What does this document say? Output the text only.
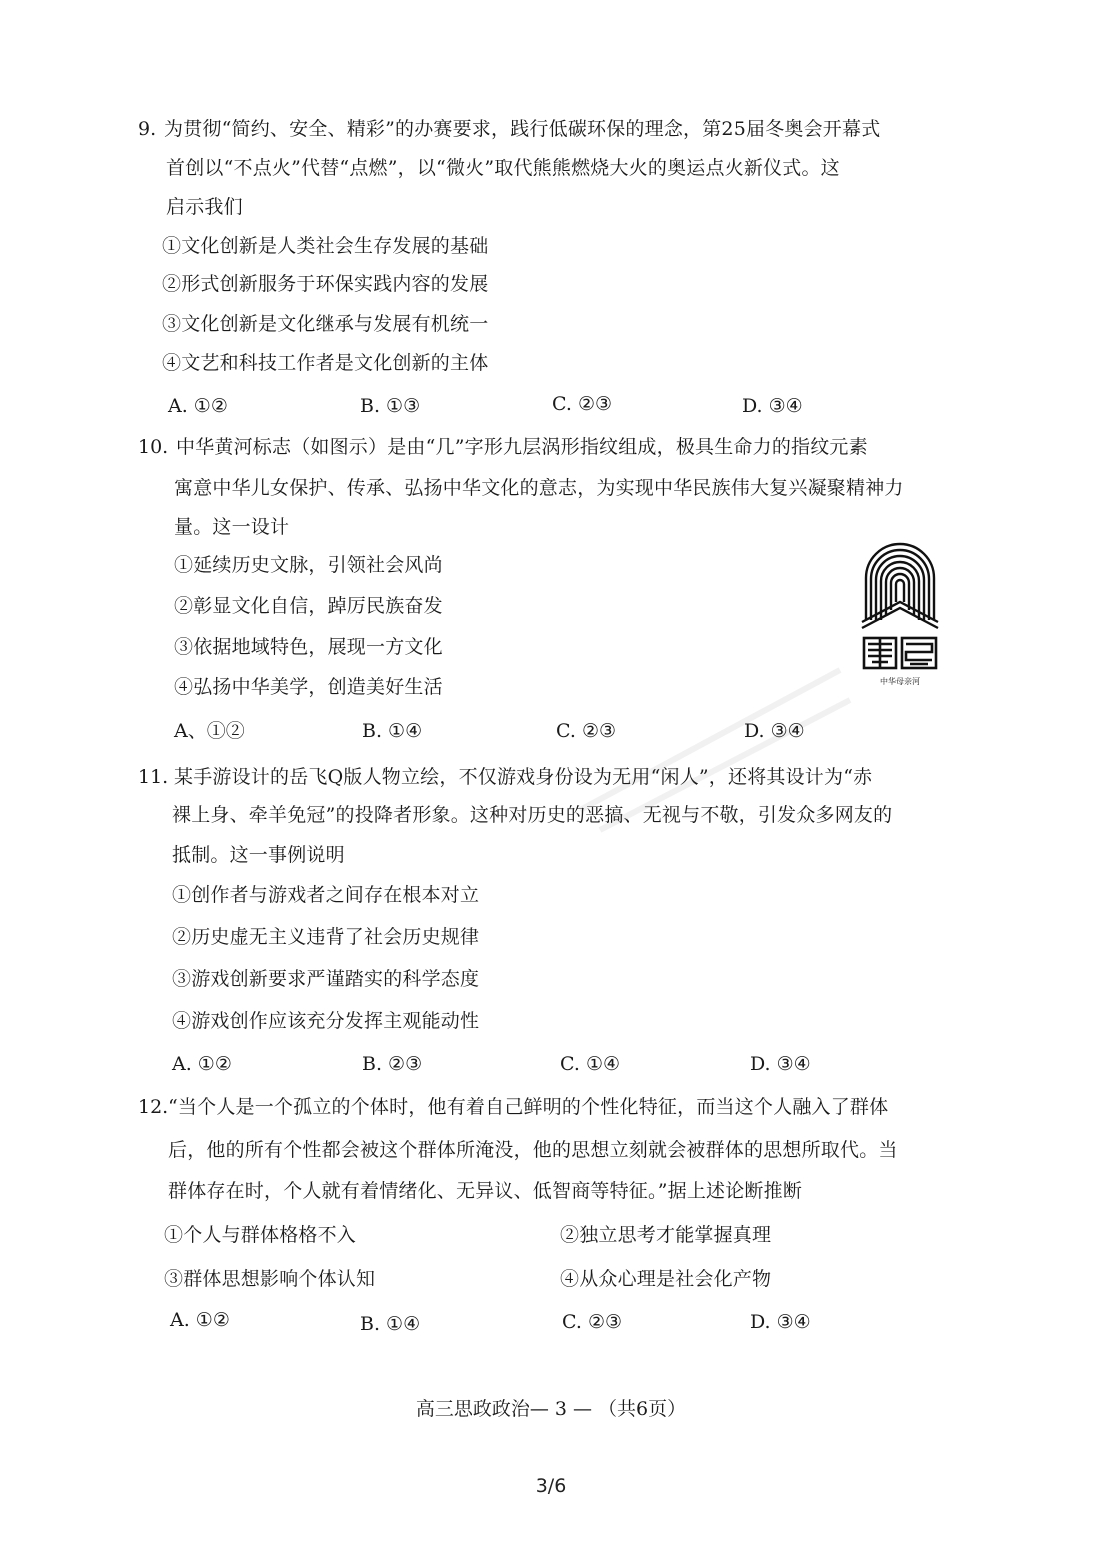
9. 为贯彻“简约、安全、精彩”的办赛要求，践行低碳环保的理念，第25届冬奥会开幕式
首创以“不点火”代替“点燃”，以“微火”取代熊熊燃烧大火的奥运点火新仪式。这
启示我们
①文化创新是人类社会生存发展的基础
②形式创新服务于环保实践内容的发展
③文化创新是文化继承与发展有机统一
④文艺和科技工作者是文化创新的主体
A. ①②	B. ①③	C. ②③	D. ③④
10. 中华黄河标志（如图示）是由“几”字形九层涡形指纹组成，极具生命力的指纹元素
寓意中华儿女保护、传承、弘扬中华文化的意志，为实现中华民族伟大复兴凝聚精神力
量。这一设计
①延续历史文脉，引领社会风尚
②彰显文化自信，踔厉民族奋发
③依据地域特色，展现一方文化
④弘扬中华美学，创造美好生活
A、①②	B. ①④	C. ②③	D. ③④
中华母亲河
11. 某手游设计的岳飞Q版人物立绘，不仅游戏身份设为无用“闲人”，还将其设计为“赤
裸上身、牵羊免冠”的投降者形象。这种对历史的恶搞、无视与不敬，引发众多网友的
抵制。这一事例说明
①创作者与游戏者之间存在根本对立
②历史虚无主义违背了社会历史规律
③游戏创新要求严谨踏实的科学态度
④游戏创作应该充分发挥主观能动性
A. ①②	B. ②③	C. ①④	D. ③④
12. “当个人是一个孤立的个体时，他有着自己鲜明的个性化特征，而当这个人融入了群体
后，他的所有个性都会被这个群体所淹没，他的思想立刻就会被群体的思想所取代。当
群体存在时，个人就有着情绪化、无异议、低智商等特征。”据上述论断推断
①个人与群体格格不入	②独立思考才能掌握真理
③群体思想影响个体认知	④从众心理是社会化产物
A. ①②	B. ①④	C. ②③	D. ③④
高三思政政治— 3 — （共6页）
3/6
